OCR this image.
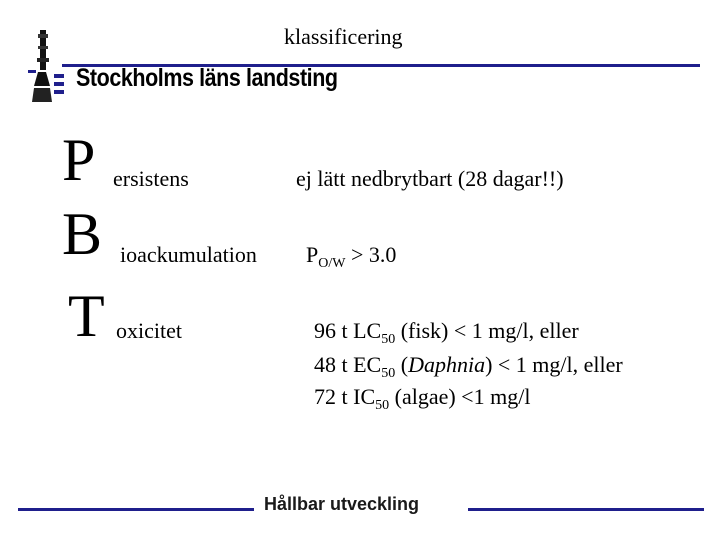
Stockholms läns landsting
klassificering
P ersistens	ej lätt nedbrytbart (28 dagar!!)
B ioackumulation $P_{O/W} > 3.0$
T oxicitet	96 t $LC_{50}$ (fisk) < 1 mg/l, eller
48 t $EC_{50}$ (Daphnia) < 1 mg/l, eller
72 t $IC_{50}$ (algae) <1 mg/l
Hållbar utveckling
